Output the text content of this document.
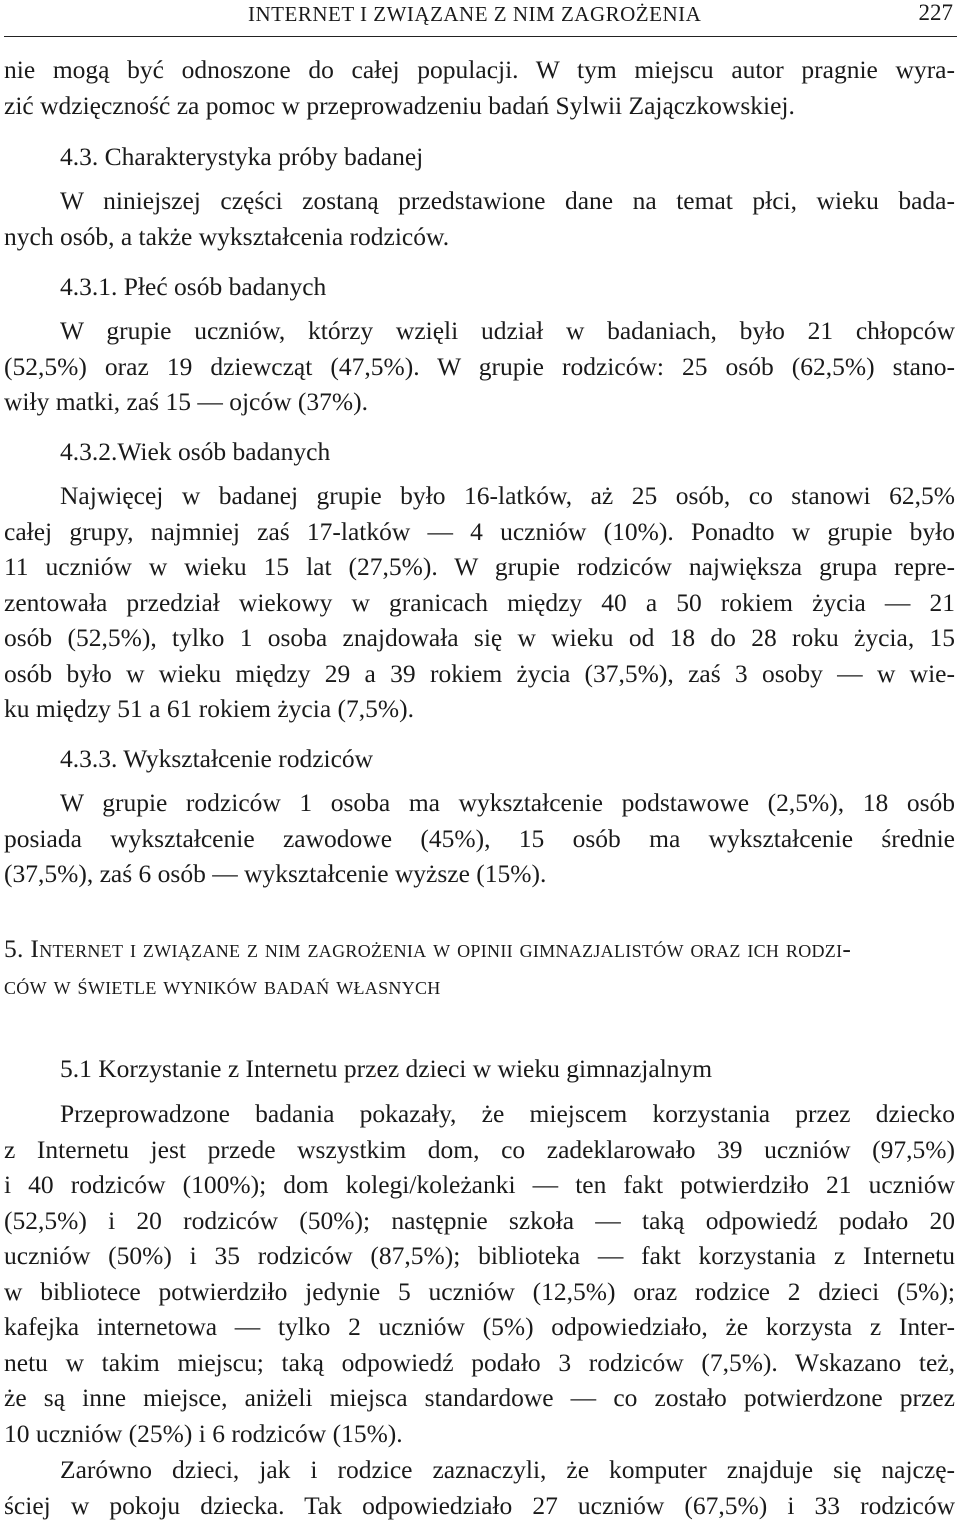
INTERNET I ZWIĄZANE Z NIM ZAGROŻENIA	227
nie mogą być odnoszone do całej populacji. W tym miejscu autor pragnie wyra-
zić wdzięczność za pomoc w przeprowadzeniu badań Sylwii Zajączkowskiej.
4.3. Charakterystyka próby badanej
W niniejszej części zostaną przedstawione dane na temat płci, wieku bada-
nych osób, a także wykształcenia rodziców.
4.3.1. Płeć osób badanych
W grupie uczniów, którzy wzięli udział w badaniach, było 21 chłopców
(52,5%) oraz 19 dziewcząt (47,5%). W grupie rodziców: 25 osób (62,5%) stano-
wiły matki, zaś 15 — ojców (37%).
4.3.2.Wiek osób badanych
Najwięcej w badanej grupie było 16-latków, aż 25 osób, co stanowi 62,5%
całej grupy, najmniej zaś 17-latków — 4 uczniów (10%). Ponadto w grupie było
11 uczniów w wieku 15 lat (27,5%). W grupie rodziców największa grupa repre-
zentowała przedział wiekowy w granicach między 40 a 50 rokiem życia — 21
osób (52,5%), tylko 1 osoba znajdowała się w wieku od 18 do 28 roku życia, 15
osób było w wieku między 29 a 39 rokiem życia (37,5%), zaś 3 osoby — w wie-
ku między 51 a 61 rokiem życia (7,5%).
4.3.3. Wykształcenie rodziców
W grupie rodziców 1 osoba ma wykształcenie podstawowe (2,5%), 18 osób
posiada wykształcenie zawodowe (45%), 15 osób ma wykształcenie średnie
(37,5%), zaś 6 osób — wykształcenie wyższe (15%).
5. Internet i związane z nim zagrożenia w opinii gimnazjalistów oraz ich rodzi-
ców w świetle wyników badań własnych
5.1 Korzystanie z Internetu przez dzieci w wieku gimnazjalnym
Przeprowadzone badania pokazały, że miejscem korzystania przez dziecko
z Internetu jest przede wszystkim dom, co zadeklarowało 39 uczniów (97,5%)
i 40 rodziców (100%); dom kolegi/koleżanki — ten fakt potwierdziło 21 uczniów
(52,5%) i 20 rodziców (50%); następnie szkoła — taką odpowiedź podało 20
uczniów (50%) i 35 rodziców (87,5%); biblioteka — fakt korzystania z Internetu
w bibliotece potwierdziło jedynie 5 uczniów (12,5%) oraz rodzice 2 dzieci (5%);
kafejka internetowa — tylko 2 uczniów (5%) odpowiedziało, że korzysta z Inter-
netu w takim miejscu; taką odpowiedź podało 3 rodziców (7,5%). Wskazano też,
że są inne miejsce, aniżeli miejsca standardowe — co zostało potwierdzone przez
10 uczniów (25%) i 6 rodziców (15%).
Zarówno dzieci, jak i rodzice zaznaczyli, że komputer znajduje się najczę-
ściej w pokoju dziecka. Tak odpowiedziało 27 uczniów (67,5%) i 33 rodziców
